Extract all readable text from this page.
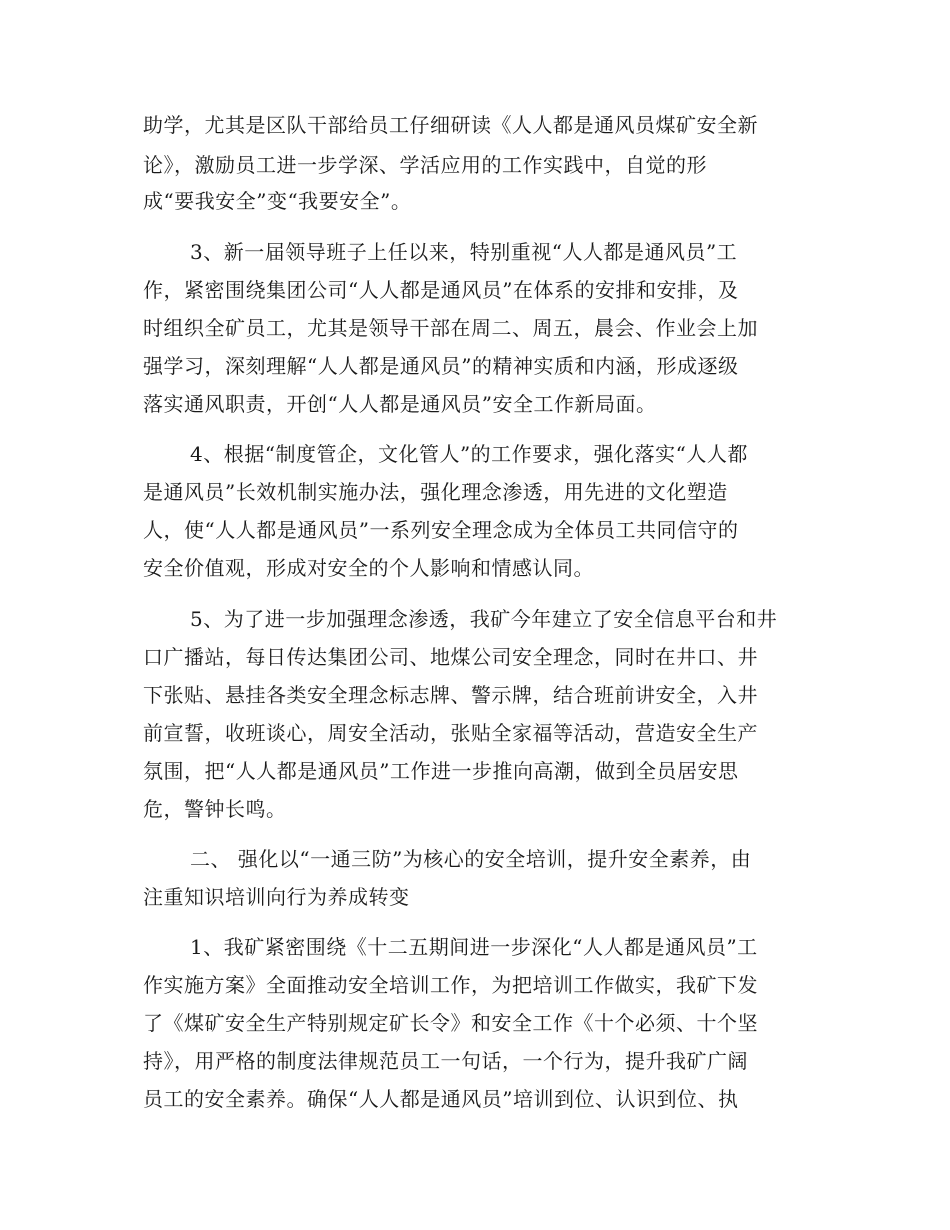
助学，尤其是区队干部给员工仔细研读《人人都是通风员煤矿安全新
论》，激励员工进一步学深、学活应用的工作实践中，自觉的形
成“要我安全”变“我要安全”。
3、新一届领导班子上任以来，特别重视“人人都是通风员”工
作，紧密围绕集团公司“人人都是通风员”在体系的安排和安排，及
时组织全矿员工，尤其是领导干部在周二、周五，晨会、作业会上加
强学习，深刻理解“人人都是通风员”的精神实质和内涵，形成逐级
落实通风职责，开创“人人都是通风员”安全工作新局面。
4、根据“制度管企，文化管人”的工作要求，强化落实“人人都
是通风员”长效机制实施办法，强化理念渗透，用先进的文化塑造
人，使“人人都是通风员”一系列安全理念成为全体员工共同信守的
安全价值观，形成对安全的个人影响和情感认同。
5、为了进一步加强理念渗透，我矿今年建立了安全信息平台和井
口广播站，每日传达集团公司、地煤公司安全理念，同时在井口、井
下张贴、悬挂各类安全理念标志牌、警示牌，结合班前讲安全，入井
前宣誓，收班谈心，周安全活动，张贴全家福等活动，营造安全生产
氛围，把“人人都是通风员”工作进一步推向高潮，做到全员居安思
危，警钟长鸣。
二、 强化以“一通三防”为核心的安全培训，提升安全素养，由
注重知识培训向行为养成转变
1、我矿紧密围绕《十二五期间进一步深化“人人都是通风员”工
作实施方案》全面推动安全培训工作，为把培训工作做实，我矿下发
了《煤矿安全生产特别规定矿长令》和安全工作《十个必须、十个坚
持》，用严格的制度法律规范员工一句话，一个行为，提升我矿广阔
员工的安全素养。确保“人人都是通风员”培训到位、认识到位、执
